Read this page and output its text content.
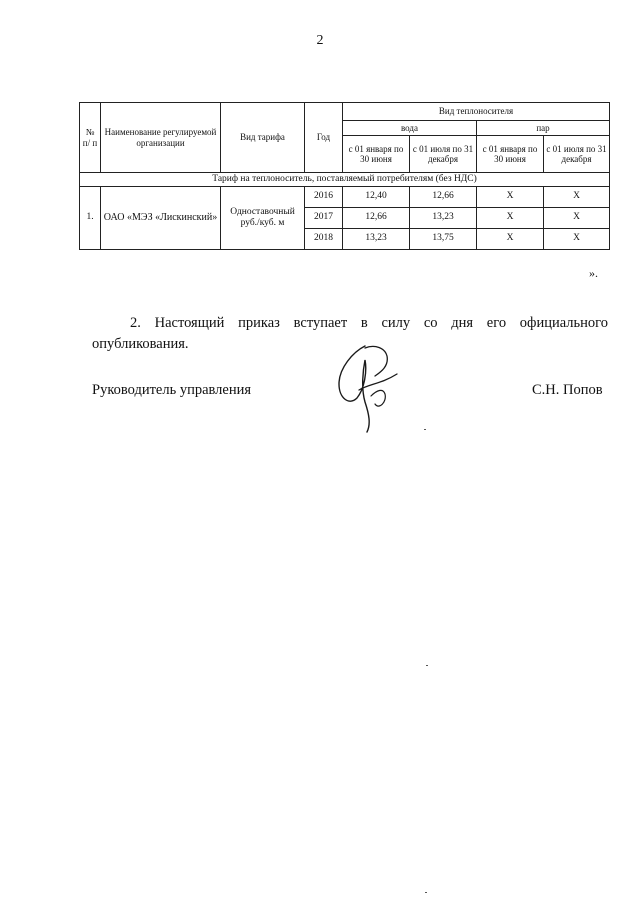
2
№ п/ п	Наименование регулируемой организации	Вид тарифа	Год	Вид теплоносителя			
				вода		пар	
				с 01 января по 30 июня	с 01 июля по 31 декабря	с 01 января по 30 июня	с 01 июля по 31 декабря
Тариф на теплоноситель, поставляемый потребителям (без НДС)							
1.	ОАО «МЭЗ «Лискинский»	Одноставочный руб./куб. м	2016	12,40	12,66	X	X
			2017	12,66	13,23	X	X
			2018	13,23	13,75	X	X
».
2. Настоящий приказ вступает в силу со дня его официального опубликования.
Руководитель управления	С.Н. Попов
